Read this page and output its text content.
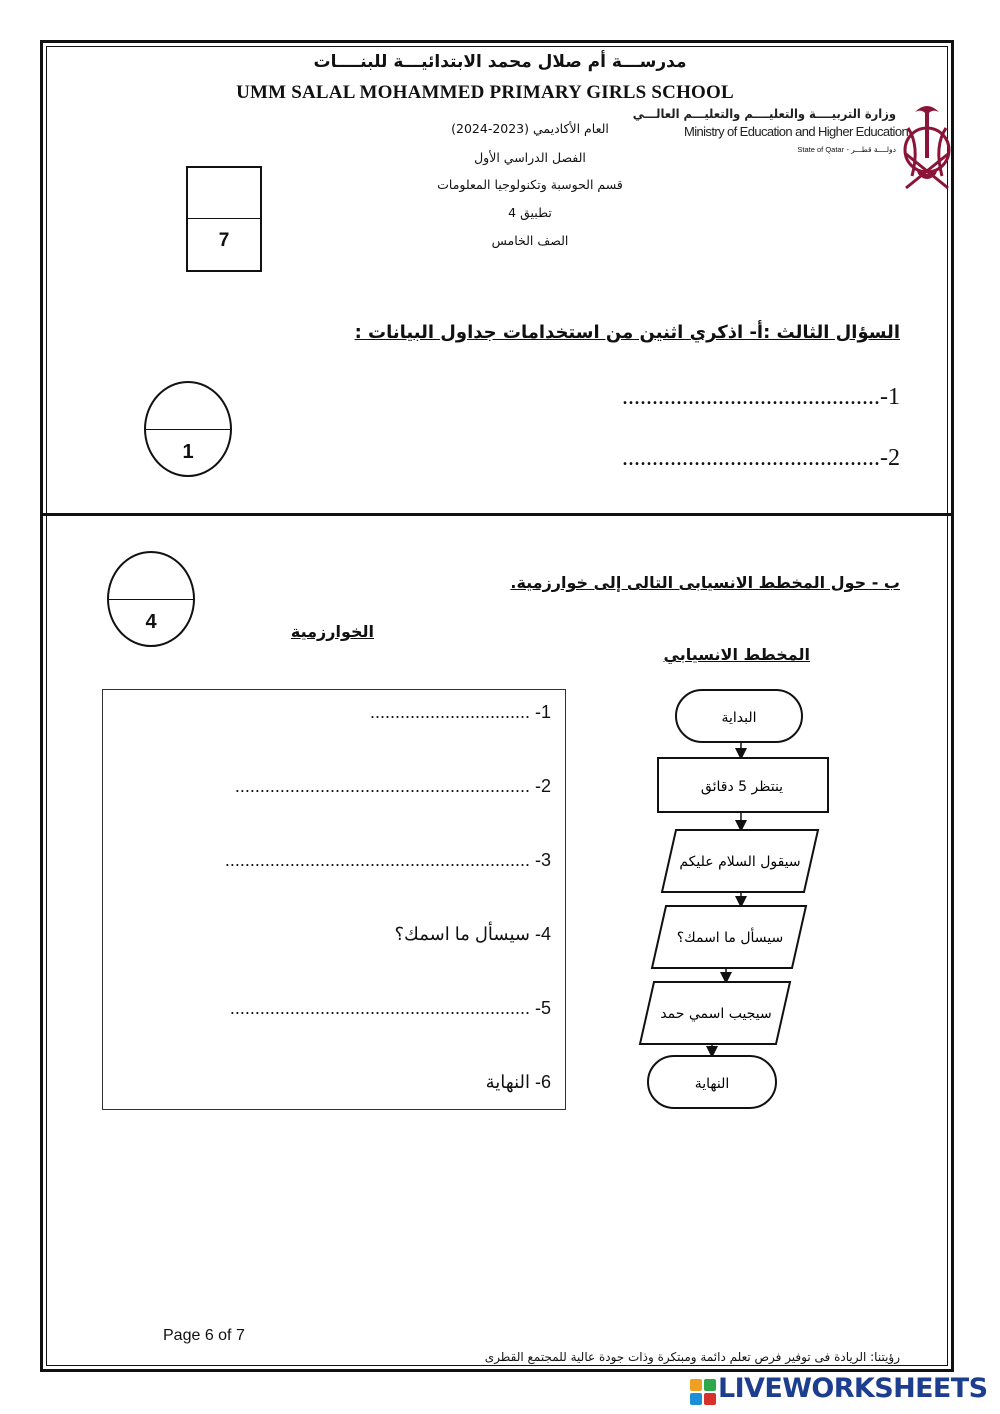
مدرســـة أم صلال محمد الابتدائيـــة للبنــــات
UMM SALAL MOHAMMED PRIMARY GIRLS SCHOOL
العام الأكاديمي (2023-2024)
الفصل الدراسي الأول
قسم الحوسبة وتكنولوجيا المعلومات
تطبيق 4
الصف الخامس
وزارة التربيــــة والتعليــــم والتعليـــم العالـــي
Ministry of Education and Higher Education
State of Qatar - دولــــة قطـــر
7
السؤال الثالث :أ- اذكري اثنين من استخدامات جداول البيانات :
1
1-...........................................
2-...........................................
ب - حول المخطط الانسيابى التالى إلى خوارزمية.
4	الخوارزمية
المخطط الانسيابي
1- ................................
2- ...........................................................
3- .............................................................
4- سيسأل ما اسمك؟
5- ............................................................
6- النهاية
البداية
ينتظر 5 دقائق
سيقول السلام عليكم
سيسأل ما اسمك؟
سيجيب اسمي حمد
النهاية
Page 6 of 7
رؤيتنا: الريادة فى توفير فرص تعلم دائمة ومبتكرة وذات جودة عالية للمجتمع القطرى
LIVEWORKSHEETS
